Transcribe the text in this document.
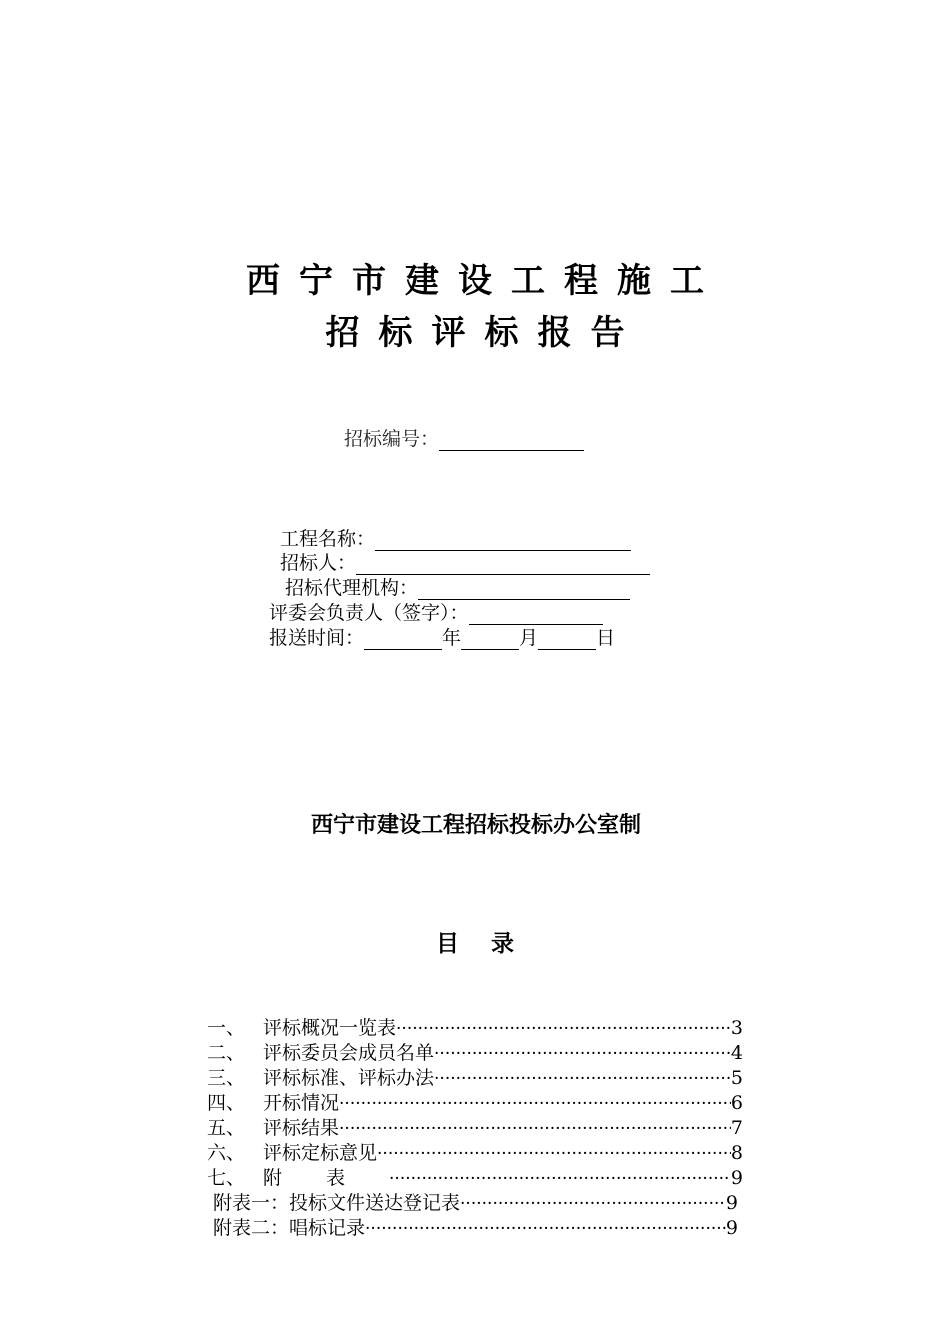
西宁市建设工程施工
招标评标报告
招标编号：
工程名称：
招标人：
招标代理机构：
评委会负责人（签字）：
报送时间：	年	月	日
西宁市建设工程招标投标办公室制
目录
一、 评标概况一览表 ·····	3
二、 评标委员会成员名单 ·····	4
三、 评标标准、评标办法 ·····	5
四、 开标情况 ·····	6
五、 评标结果 ·····	7
六、 评标定标意见 ·····	8
七、 附表 ·····	9
附表一：投标文件送达登记表 ·····	9
附表二：唱标记录 ·····	9
